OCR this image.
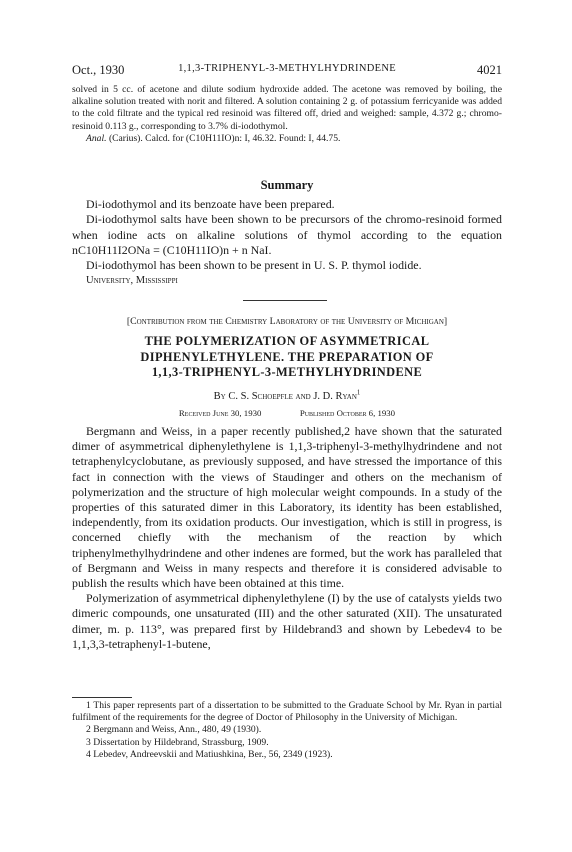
Oct., 1930	1,1,3-TRIPHENYL-3-METHYLHYDRINDENE	4021

solved in 5 cc. of acetone and dilute sodium hydroxide added. The acetone was removed by boiling, the alkaline solution treated with norit and filtered. A solution containing 2 g. of potassium ferricyanide was added to the cold filtrate and the typical red resinoid was filtered off, dried and weighed: sample, 4.372 g.; chromo-resinoid 0.113 g., corresponding to 3.7% di-iodothymol.

Anal. (Carius). Calcd. for (C10H11IO)n: I, 46.32. Found: I, 44.75.

Summary

Di-iodothymol and its benzoate have been prepared.

Di-iodothymol salts have been shown to be precursors of the chromo-resinoid formed when iodine acts on alkaline solutions of thymol according to the equation nC10H11I2ONa = (C10H11IO)n + n NaI.

Di-iodothymol has been shown to be present in U. S. P. thymol iodide.

University, Mississippi

[Contribution from the Chemistry Laboratory of the University of Michigan]
THE POLYMERIZATION OF ASYMMETRICAL
DIPHENYLETHYLENE. THE PREPARATION OF
1,1,3-TRIPHENYL-3-METHYLHYDRINDENE
By C. S. Schoepfle and J. D. Ryan$^1$
Received June 30, 1930	Published October 6, 1930

Bergmann and Weiss, in a paper recently published,2 have shown that the saturated dimer of asymmetrical diphenylethylene is 1,1,3-triphenyl-3-methylhydrindene and not tetraphenylcyclobutane, as previously supposed, and have stressed the importance of this fact in connection with the views of Staudinger and others on the mechanism of polymerization and the structure of high molecular weight compounds. In a study of the properties of this saturated dimer in this Laboratory, its identity has been established, independently, from its oxidation products. Our investigation, which is still in progress, is concerned chiefly with the mechanism of the reaction by which triphenylmethylhydrindene and other indenes are formed, but the work has paralleled that of Bergmann and Weiss in many respects and therefore it is considered advisable to publish the results which have been obtained at this time.

Polymerization of asymmetrical diphenylethylene (I) by the use of catalysts yields two dimeric compounds, one unsaturated (III) and the other saturated (XII). The unsaturated dimer, m. p. 113°, was prepared first by Hildebrand3 and shown by Lebedev4 to be 1,1,3,3-tetraphenyl-1-butene,

1 This paper represents part of a dissertation to be submitted to the Graduate School by Mr. Ryan in partial fulfilment of the requirements for the degree of Doctor of Philosophy in the University of Michigan.

2 Bergmann and Weiss, Ann., 480, 49 (1930).

3 Dissertation by Hildebrand, Strassburg, 1909.

4 Lebedev, Andreevskii and Matiushkina, Ber., 56, 2349 (1923).
